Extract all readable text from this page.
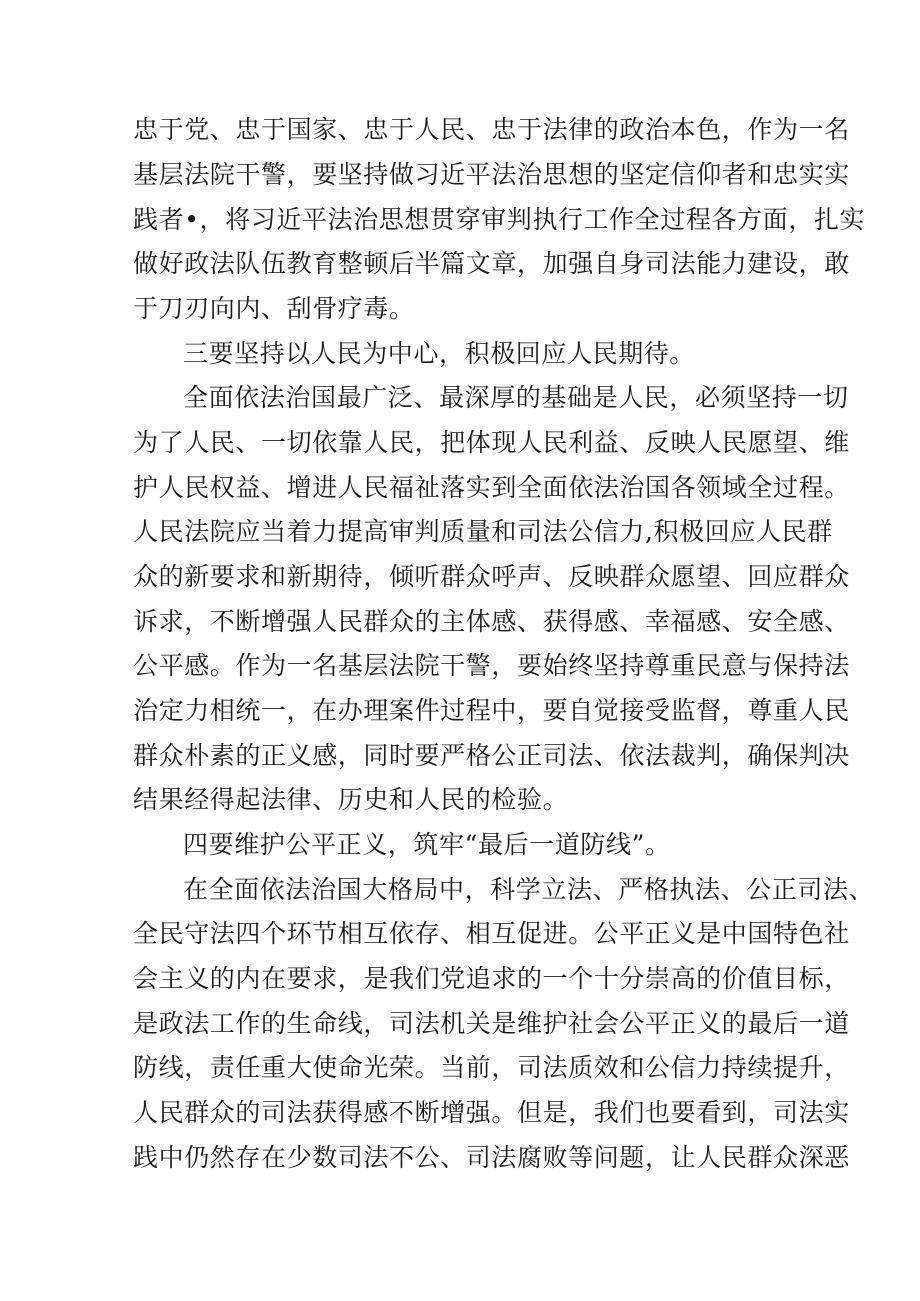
忠于党、忠于国家、忠于人民、忠于法律的政治本色，作为一名
基层法院干警，要坚持做习近平法治思想的坚定信仰者和忠实实
践者•，将习近平法治思想贯穿审判执行工作全过程各方面，扎实
做好政法队伍教育整顿后半篇文章，加强自身司法能力建设，敢
于刀刃向内、刮骨疗毒。
三要坚持以人民为中心，积极回应人民期待。
全面依法治国最广泛、最深厚的基础是人民，必须坚持一切
为了人民、一切依靠人民，把体现人民利益、反映人民愿望、维
护人民权益、增进人民福祉落实到全面依法治国各领域全过程。
人民法院应当着力提高审判质量和司法公信力,积极回应人民群
众的新要求和新期待，倾听群众呼声、反映群众愿望、回应群众
诉求，不断增强人民群众的主体感、获得感、幸福感、安全感、
公平感。作为一名基层法院干警，要始终坚持尊重民意与保持法
治定力相统一，在办理案件过程中，要自觉接受监督，尊重人民
群众朴素的正义感，同时要严格公正司法、依法裁判，确保判决
结果经得起法律、历史和人民的检验。
四要维护公平正义，筑牢“最后一道防线”。
在全面依法治国大格局中，科学立法、严格执法、公正司法、
全民守法四个环节相互依存、相互促进。公平正义是中国特色社
会主义的内在要求，是我们党追求的一个十分崇高的价值目标，
是政法工作的生命线，司法机关是维护社会公平正义的最后一道
防线，责任重大使命光荣。当前，司法质效和公信力持续提升，
人民群众的司法获得感不断增强。但是，我们也要看到，司法实
践中仍然存在少数司法不公、司法腐败等问题，让人民群众深恶
